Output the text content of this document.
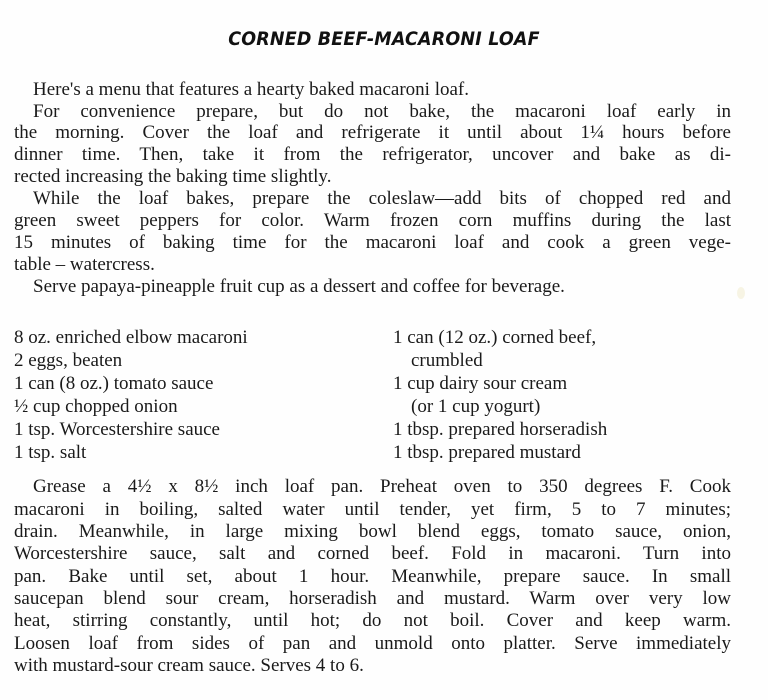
CORNED BEEF-MACARONI LOAF
Here's a menu that features a hearty baked macaroni loaf.
For convenience prepare, but do not bake, the macaroni loaf early in
the morning. Cover the loaf and refrigerate it until about 1¼ hours before
dinner time. Then, take it from the refrigerator, uncover and bake as di-
rected increasing the baking time slightly.
While the loaf bakes, prepare the coleslaw—add bits of chopped red and
green sweet peppers for color. Warm frozen corn muffins during the last
15 minutes of baking time for the macaroni loaf and cook a green vege-
table – watercress.
Serve papaya-pineapple fruit cup as a dessert and coffee for beverage.
8 oz. enriched elbow macaroni
2 eggs, beaten
1 can (8 oz.) tomato sauce
½ cup chopped onion
1 tsp. Worcestershire sauce
1 tsp. salt
1 can (12 oz.) corned beef,
crumbled
1 cup dairy sour cream
(or 1 cup yogurt)
1 tbsp. prepared horseradish
1 tbsp. prepared mustard
Grease a 4½ x 8½ inch loaf pan. Preheat oven to 350 degrees F. Cook
macaroni in boiling, salted water until tender, yet firm, 5 to 7 minutes;
drain. Meanwhile, in large mixing bowl blend eggs, tomato sauce, onion,
Worcestershire sauce, salt and corned beef. Fold in macaroni. Turn into
pan. Bake until set, about 1 hour. Meanwhile, prepare sauce. In small
saucepan blend sour cream, horseradish and mustard. Warm over very low
heat, stirring constantly, until hot; do not boil. Cover and keep warm.
Loosen loaf from sides of pan and unmold onto platter. Serve immediately
with mustard-sour cream sauce. Serves 4 to 6.
